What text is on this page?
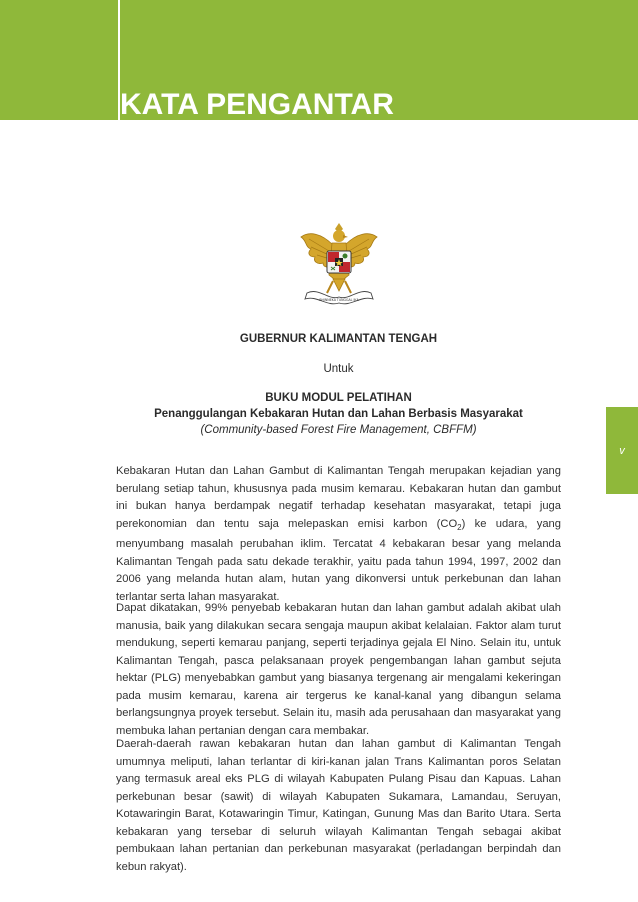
KATA PENGANTAR
v
BHINNEKA TUNGGAL IKA
GUBERNUR KALIMANTAN TENGAH
Untuk
BUKU MODUL PELATIHAN
Penanggulangan Kebakaran Hutan dan Lahan Berbasis Masyarakat
(Community-based Forest Fire Management, CBFFM)

Kebakaran Hutan dan Lahan Gambut di Kalimantan Tengah merupakan kejadian yang berulang setiap tahun, khususnya pada musim kemarau. Kebakaran hutan dan gambut ini bukan hanya berdampak negatif terhadap kesehatan masyarakat, tetapi juga perekonomian dan tentu saja melepaskan emisi karbon $(CO_2)$ ke udara, yang menyumbang masalah perubahan iklim. Tercatat 4 kebakaran besar yang melanda Kalimantan Tengah pada satu dekade terakhir, yaitu pada tahun 1994, 1997, 2002 dan 2006 yang melanda hutan alam, hutan yang dikonversi untuk perkebunan dan lahan terlantar serta lahan masyarakat.

Dapat dikatakan, 99% penyebab kebakaran hutan dan lahan gambut adalah akibat ulah manusia, baik yang dilakukan secara sengaja maupun akibat kelalaian. Faktor alam turut mendukung, seperti kemarau panjang, seperti terjadinya gejala El Nino. Selain itu, untuk Kalimantan Tengah, pasca pelaksanaan proyek pengembangan lahan gambut sejuta hektar (PLG) menyebabkan gambut yang biasanya tergenang air mengalami kekeringan pada musim kemarau, karena air tergerus ke kanal-kanal yang dibangun selama berlangsungnya proyek tersebut. Selain itu, masih ada perusahaan dan masyarakat yang membuka lahan pertanian dengan cara membakar.

Daerah-daerah rawan kebakaran hutan dan lahan gambut di Kalimantan Tengah umumnya meliputi, lahan terlantar di kiri-kanan jalan Trans Kalimantan poros Selatan yang termasuk areal eks PLG di wilayah Kabupaten Pulang Pisau dan Kapuas. Lahan perkebunan besar (sawit) di wilayah Kabupaten Sukamara, Lamandau, Seruyan, Kotawaringin Barat, Kotawaringin Timur, Katingan, Gunung Mas dan Barito Utara. Serta kebakaran yang tersebar di seluruh wilayah Kalimantan Tengah sebagai akibat pembukaan lahan pertanian dan perkebunan masyarakat (perladangan berpindah dan kebun rakyat).
